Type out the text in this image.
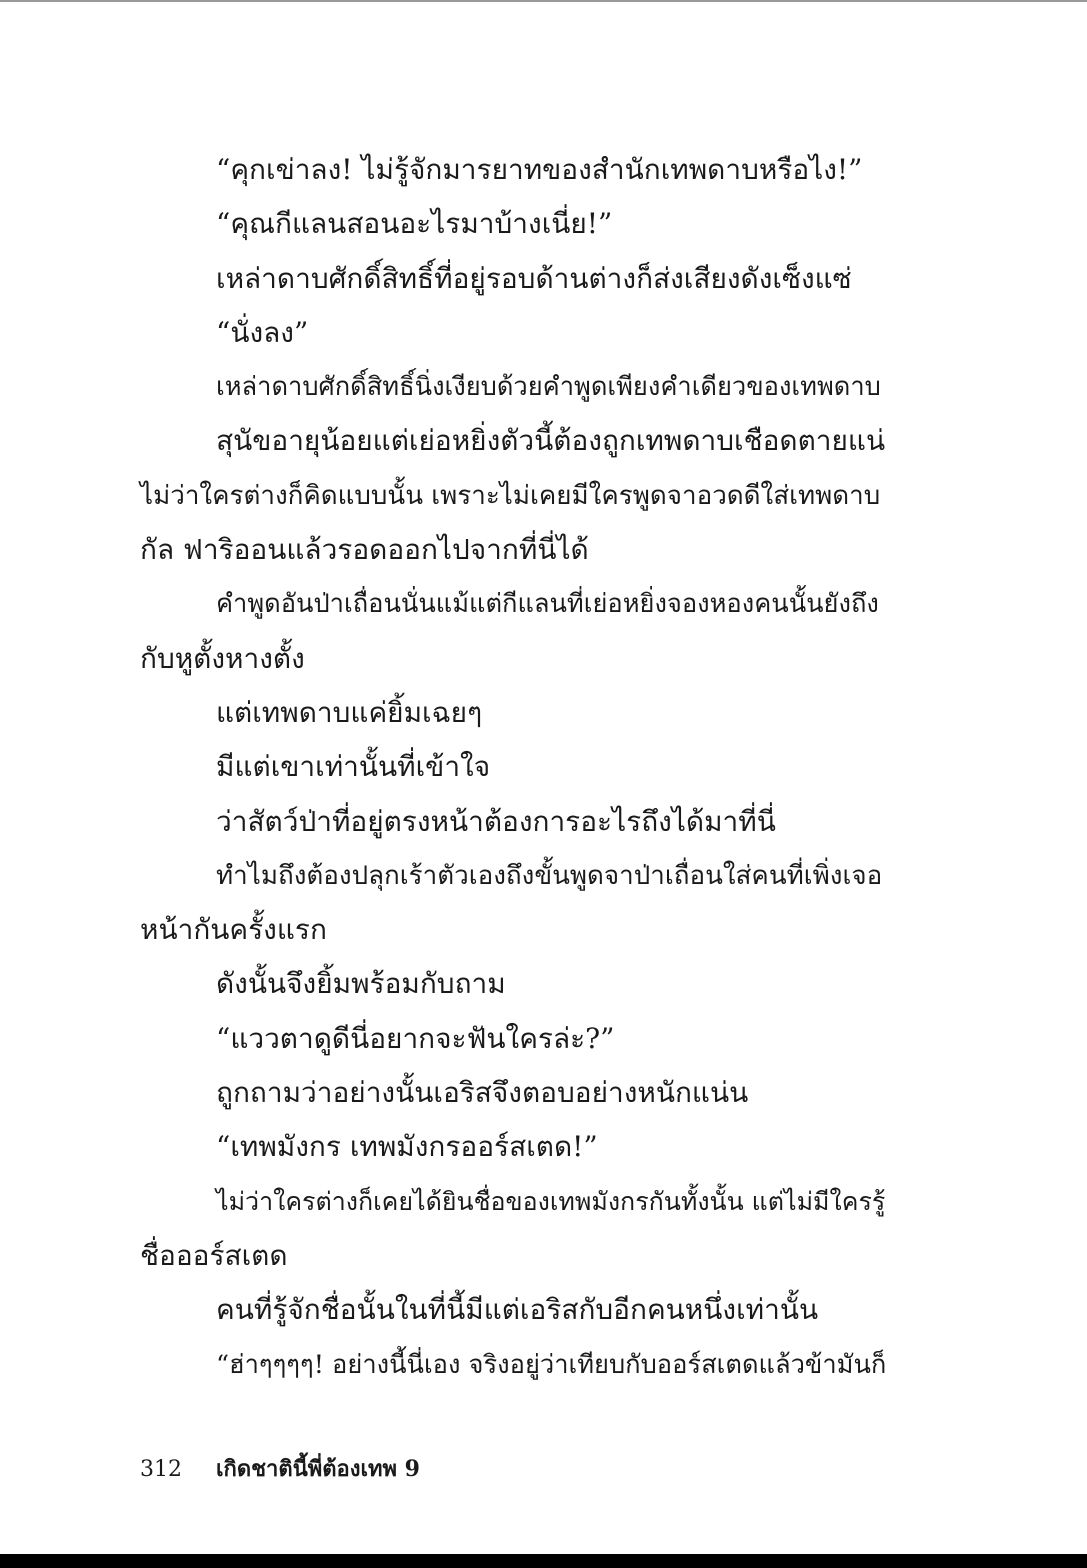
“คุกเข่าลง! ไม่รู้จักมารยาทของสำนักเทพดาบหรือไง!”
“คุณกีแลนสอนอะไรมาบ้างเนี่ย!”
เหล่าดาบศักดิ์สิทธิ์ที่อยู่รอบด้านต่างก็ส่งเสียงดังเซ็งแซ่
“นั่งลง”
เหล่าดาบศักดิ์สิทธิ์นิ่งเงียบด้วยคำพูดเพียงคำเดียวของเทพดาบ
สุนัขอายุน้อยแต่เย่อหยิ่งตัวนี้ต้องถูกเทพดาบเชือดตายแน่
ไม่ว่าใครต่างก็คิดแบบนั้น เพราะไม่เคยมีใครพูดจาอวดดีใส่เทพดาบ
กัล ฟาริออนแล้วรอดออกไปจากที่นี่ได้
คำพูดอันป่าเถื่อนนั่นแม้แต่กีแลนที่เย่อหยิ่งจองหองคนนั้นยังถึง
กับหูตั้งหางตั้ง
แต่เทพดาบแค่ยิ้มเฉยๆ
มีแต่เขาเท่านั้นที่เข้าใจ
ว่าสัตว์ป่าที่อยู่ตรงหน้าต้องการอะไรถึงได้มาที่นี่
ทำไมถึงต้องปลุกเร้าตัวเองถึงขั้นพูดจาป่าเถื่อนใส่คนที่เพิ่งเจอ
หน้ากันครั้งแรก
ดังนั้นจึงยิ้มพร้อมกับถาม
“แววตาดูดีนี่อยากจะฟันใครล่ะ?”
ถูกถามว่าอย่างนั้นเอริสจึงตอบอย่างหนักแน่น
“เทพมังกร เทพมังกรออร์สเตด!”
ไม่ว่าใครต่างก็เคยได้ยินชื่อของเทพมังกรกันทั้งนั้น แต่ไม่มีใครรู้
ชื่อออร์สเตด
คนที่รู้จักชื่อนั้นในที่นี้มีแต่เอริสกับอีกคนหนึ่งเท่านั้น
“ฮ่าๆๆๆๆ! อย่างนี้นี่เอง จริงอยู่ว่าเทียบกับออร์สเตดแล้วข้ามันก็
312 เกิดชาตินี้พี่ต้องเทพ 9
